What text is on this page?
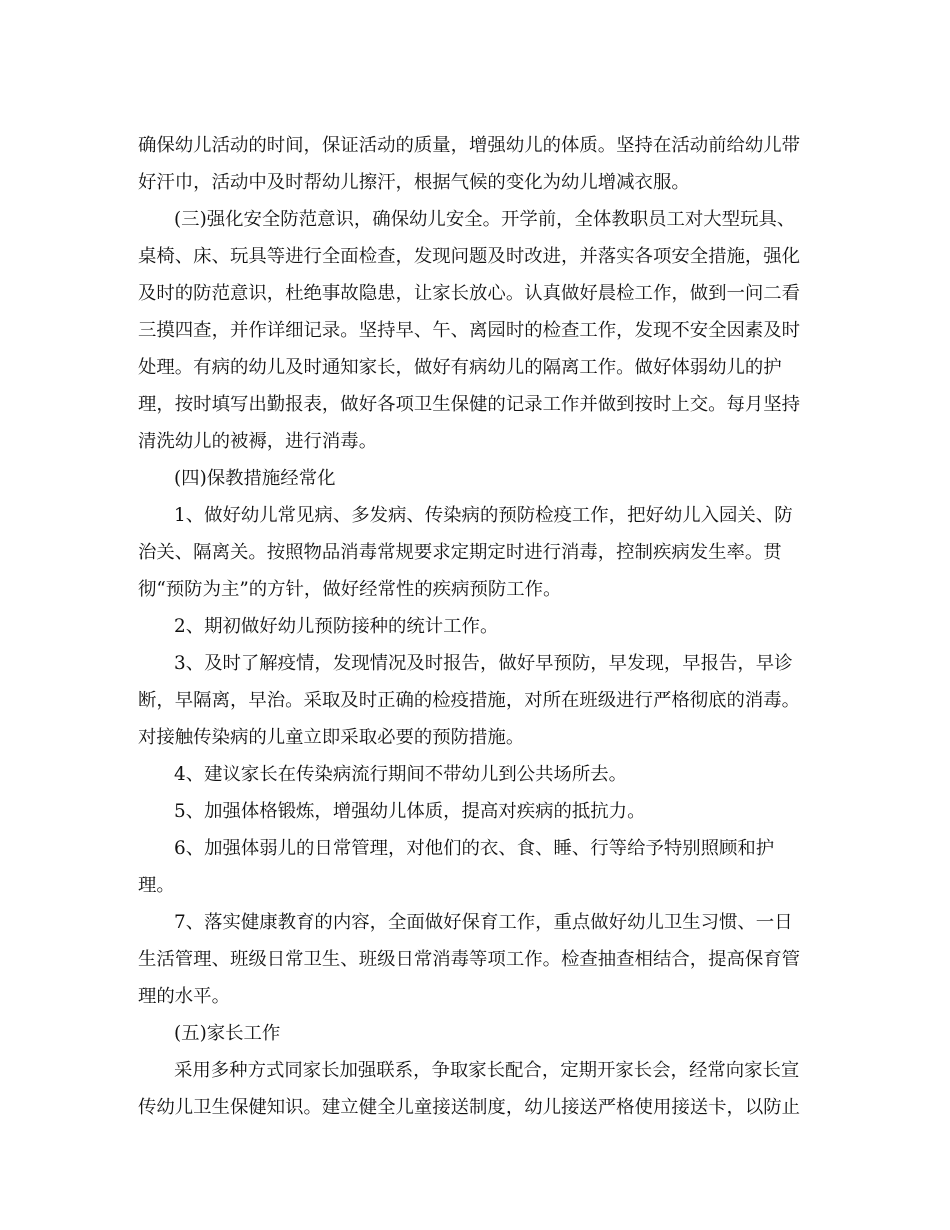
确保幼儿活动的时间，保证活动的质量，增强幼儿的体质。坚持在活动前给幼儿带
好汗巾，活动中及时帮幼儿擦汗，根据气候的变化为幼儿增减衣服。
(三)强化安全防范意识，确保幼儿安全。开学前，全体教职员工对大型玩具、
桌椅、床、玩具等进行全面检查，发现问题及时改进，并落实各项安全措施，强化
及时的防范意识，杜绝事故隐患，让家长放心。认真做好晨检工作，做到一问二看
三摸四查，并作详细记录。坚持早、午、离园时的检查工作，发现不安全因素及时
处理。有病的幼儿及时通知家长，做好有病幼儿的隔离工作。做好体弱幼儿的护
理，按时填写出勤报表，做好各项卫生保健的记录工作并做到按时上交。每月坚持
清洗幼儿的被褥，进行消毒。
(四)保教措施经常化
1、做好幼儿常见病、多发病、传染病的预防检疫工作，把好幼儿入园关、防
治关、隔离关。按照物品消毒常规要求定期定时进行消毒，控制疾病发生率。贯
彻“预防为主”的方针，做好经常性的疾病预防工作。
2、期初做好幼儿预防接种的统计工作。
3、及时了解疫情，发现情况及时报告，做好早预防，早发现，早报告，早诊
断，早隔离，早治。采取及时正确的检疫措施，对所在班级进行严格彻底的消毒。
对接触传染病的儿童立即采取必要的预防措施。
4、建议家长在传染病流行期间不带幼儿到公共场所去。
5、加强体格锻炼，增强幼儿体质，提高对疾病的抵抗力。
6、加强体弱儿的日常管理，对他们的衣、食、睡、行等给予特别照顾和护
理。
7、落实健康教育的内容，全面做好保育工作，重点做好幼儿卫生习惯、一日
生活管理、班级日常卫生、班级日常消毒等项工作。检查抽查相结合，提高保育管
理的水平。
(五)家长工作
采用多种方式同家长加强联系，争取家长配合，定期开家长会，经常向家长宣
传幼儿卫生保健知识。建立健全儿童接送制度，幼儿接送严格使用接送卡，以防止
